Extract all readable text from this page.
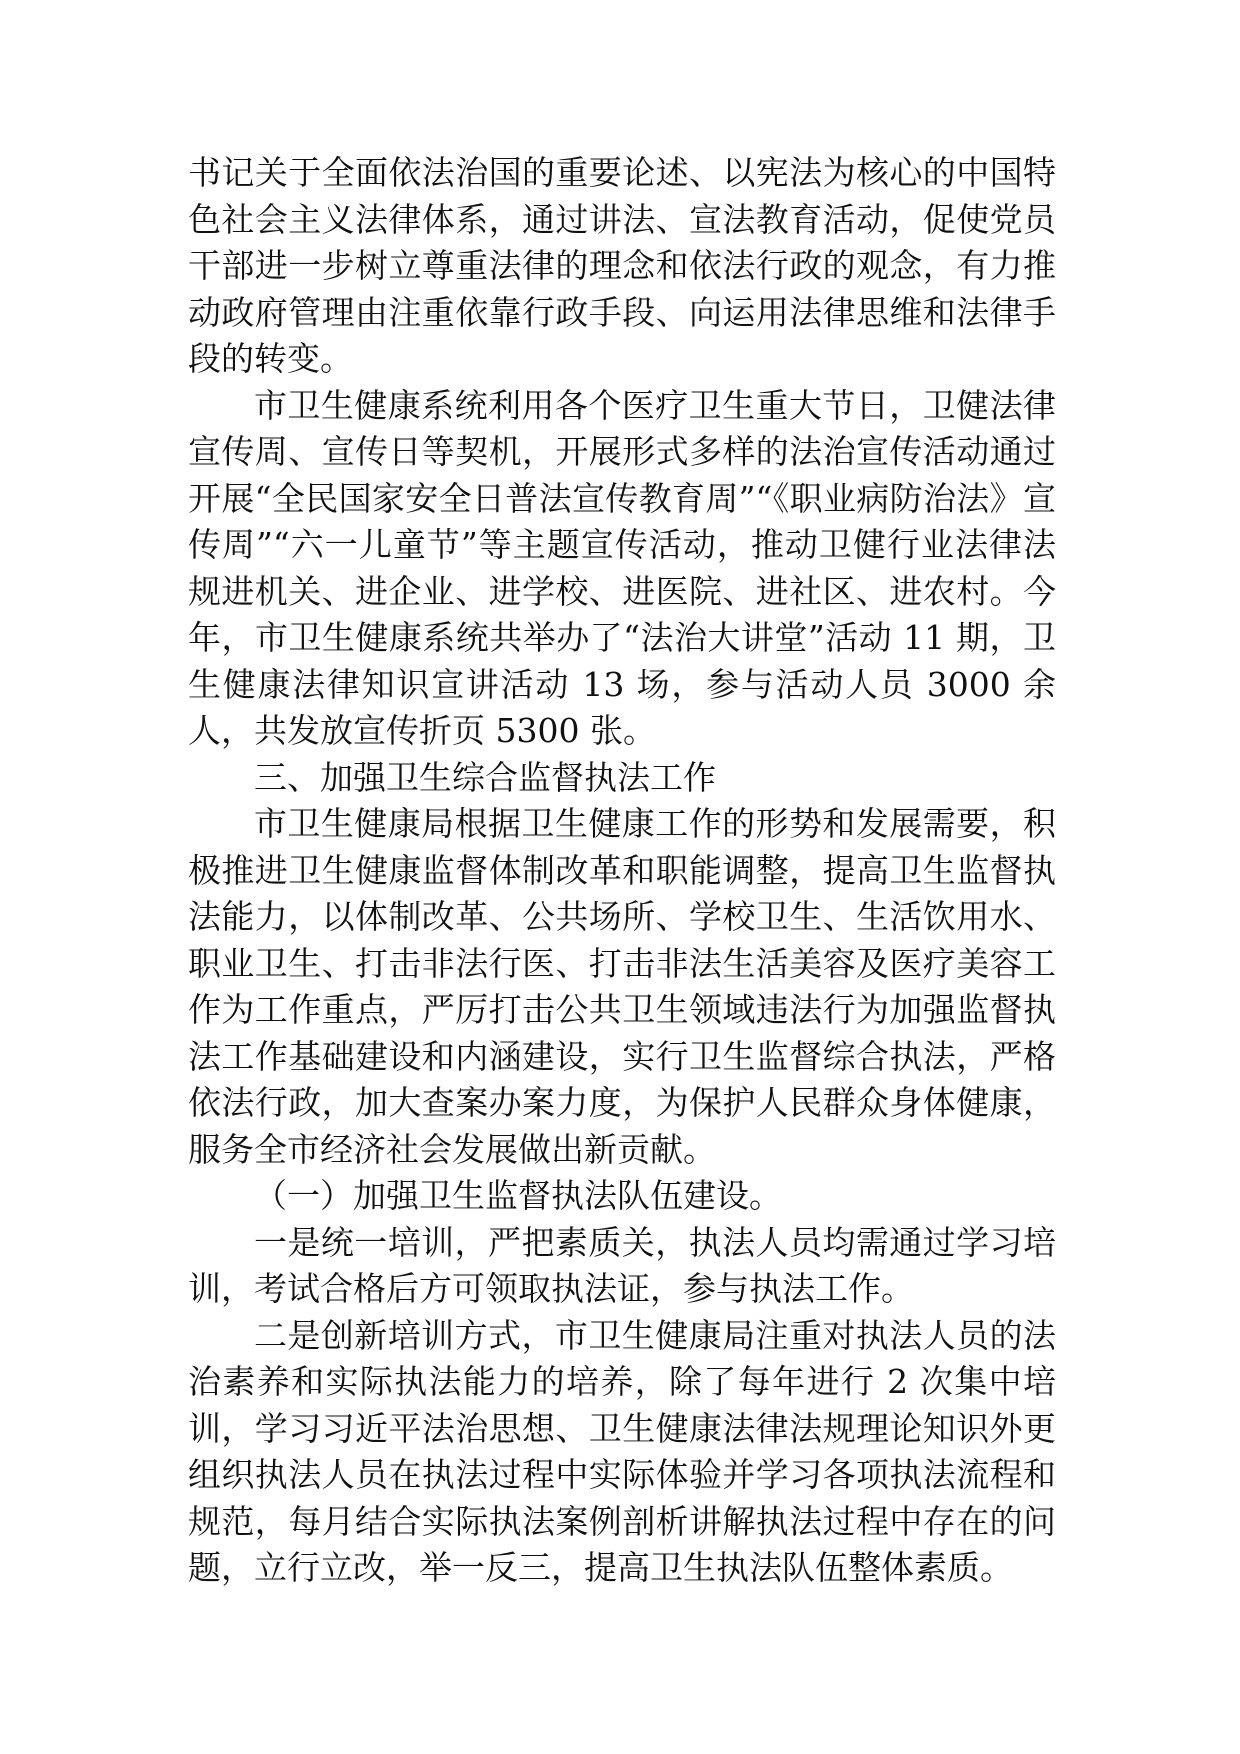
书记关于全面依法治国的重要论述、以宪法为核心的中国特色社会主义法律体系，通过讲法、宣法教育活动，促使党员干部进一步树立尊重法律的理念和依法行政的观念，有力推动政府管理由注重依靠行政手段、向运用法律思维和法律手段的转变。

市卫生健康系统利用各个医疗卫生重大节日，卫健法律宣传周、宣传日等契机，开展形式多样的法治宣传活动通过开展“全民国家安全日普法宣传教育周”“《职业病防治法》宣传周”“六一儿童节”等主题宣传活动，推动卫健行业法律法规进机关、进企业、进学校、进医院、进社区、进农村。今年，市卫生健康系统共举办了“法治大讲堂”活动 11 期，卫生健康法律知识宣讲活动 13 场，参与活动人员 3000 余人，共发放宣传折页 5300 张。

三、加强卫生综合监督执法工作

市卫生健康局根据卫生健康工作的形势和发展需要，积极推进卫生健康监督体制改革和职能调整，提高卫生监督执法能力，以体制改革、公共场所、学校卫生、生活饮用水、职业卫生、打击非法行医、打击非法生活美容及医疗美容工作为工作重点，严厉打击公共卫生领域违法行为加强监督执法工作基础建设和内涵建设，实行卫生监督综合执法，严格依法行政，加大查案办案力度，为保护人民群众身体健康，服务全市经济社会发展做出新贡献。

（一）加强卫生监督执法队伍建设。

一是统一培训，严把素质关，执法人员均需通过学习培训，考试合格后方可领取执法证，参与执法工作。

二是创新培训方式，市卫生健康局注重对执法人员的法治素养和实际执法能力的培养，除了每年进行 2 次集中培训，学习习近平法治思想、卫生健康法律法规理论知识外更组织执法人员在执法过程中实际体验并学习各项执法流程和规范，每月结合实际执法案例剖析讲解执法过程中存在的问题，立行立改，举一反三，提高卫生执法队伍整体素质。
